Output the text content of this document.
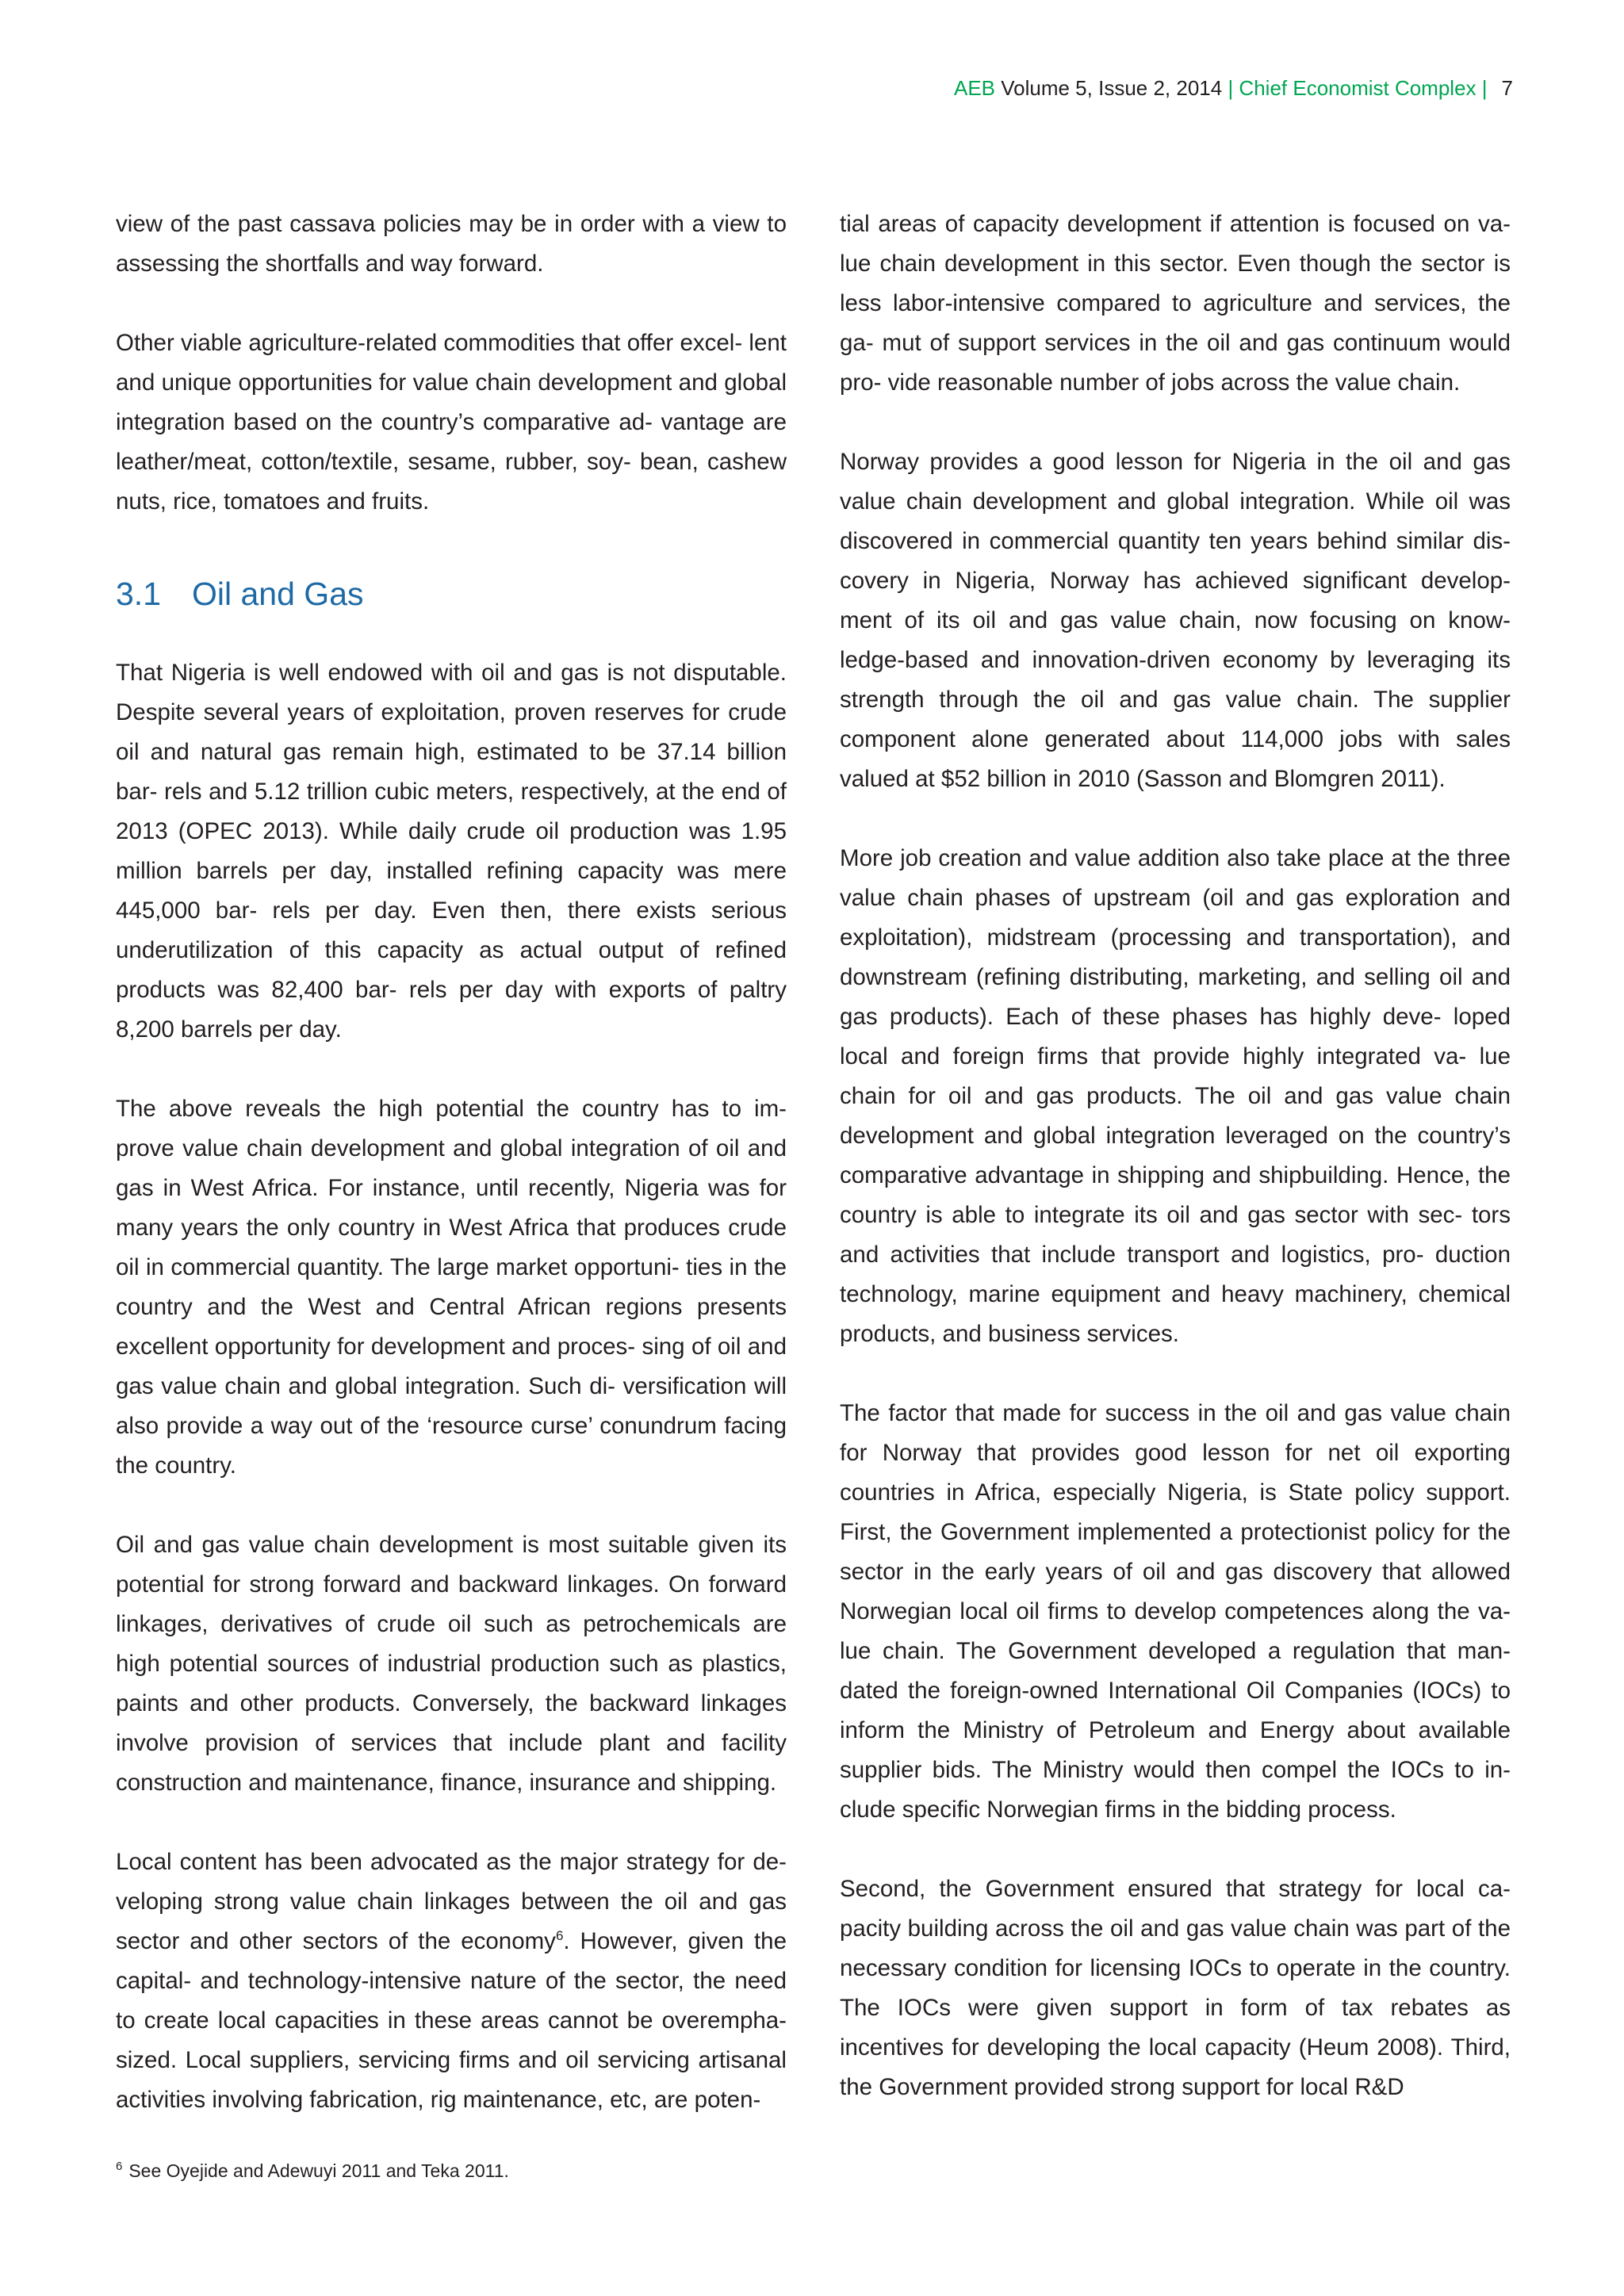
AEB Volume 5, Issue 2, 2014 | Chief Economist Complex | 7

view of the past cassava policies may be in order with a view to assessing the shortfalls and way forward.

Other viable agriculture-related commodities that offer excel- lent and unique opportunities for value chain development and global integration based on the country’s comparative ad- vantage are leather/meat, cotton/textile, sesame, rubber, soy- bean, cashew nuts, rice, tomatoes and fruits.

3.1 Oil and Gas

That Nigeria is well endowed with oil and gas is not disputable. Despite several years of exploitation, proven reserves for crude oil and natural gas remain high, estimated to be 37.14 billion bar- rels and 5.12 trillion cubic meters, respectively, at the end of 2013 (OPEC 2013). While daily crude oil production was 1.95 million barrels per day, installed refining capacity was mere 445,000 bar- rels per day. Even then, there exists serious underutilization of this capacity as actual output of refined products was 82,400 bar- rels per day with exports of paltry 8,200 barrels per day.

The above reveals the high potential the country has to im- prove value chain development and global integration of oil and gas in West Africa. For instance, until recently, Nigeria was for many years the only country in West Africa that produces crude oil in commercial quantity. The large market opportuni- ties in the country and the West and Central African regions presents excellent opportunity for development and proces- sing of oil and gas value chain and global integration. Such di- versification will also provide a way out of the ‘resource curse’ conundrum facing the country.

Oil and gas value chain development is most suitable given its potential for strong forward and backward linkages. On forward linkages, derivatives of crude oil such as petrochemicals are high potential sources of industrial production such as plastics, paints and other products. Conversely, the backward linkages involve provision of services that include plant and facility construction and maintenance, finance, insurance and shipping.

Local content has been advocated as the major strategy for de- veloping strong value chain linkages between the oil and gas sector and other sectors of the economy$^6$. However, given the capital- and technology-intensive nature of the sector, the need to create local capacities in these areas cannot be overempha- sized. Local suppliers, servicing firms and oil servicing artisanal activities involving fabrication, rig maintenance, etc, are poten-

tial areas of capacity development if attention is focused on va- lue chain development in this sector. Even though the sector is less labor-intensive compared to agriculture and services, the ga- mut of support services in the oil and gas continuum would pro- vide reasonable number of jobs across the value chain.

Norway provides a good lesson for Nigeria in the oil and gas value chain development and global integration. While oil was discovered in commercial quantity ten years behind similar dis- covery in Nigeria, Norway has achieved significant develop- ment of its oil and gas value chain, now focusing on know- ledge-based and innovation-driven economy by leveraging its strength through the oil and gas value chain. The supplier component alone generated about 114,000 jobs with sales valued at $52 billion in 2010 (Sasson and Blomgren 2011).

More job creation and value addition also take place at the three value chain phases of upstream (oil and gas exploration and exploitation), midstream (processing and transportation), and downstream (refining distributing, marketing, and selling oil and gas products). Each of these phases has highly deve- loped local and foreign firms that provide highly integrated va- lue chain for oil and gas products. The oil and gas value chain development and global integration leveraged on the country’s comparative advantage in shipping and shipbuilding. Hence, the country is able to integrate its oil and gas sector with sec- tors and activities that include transport and logistics, pro- duction technology, marine equipment and heavy machinery, chemical products, and business services.

The factor that made for success in the oil and gas value chain for Norway that provides good lesson for net oil exporting countries in Africa, especially Nigeria, is State policy support. First, the Government implemented a protectionist policy for the sector in the early years of oil and gas discovery that allowed Norwegian local oil firms to develop competences along the va- lue chain. The Government developed a regulation that man- dated the foreign-owned International Oil Companies (IOCs) to inform the Ministry of Petroleum and Energy about available supplier bids. The Ministry would then compel the IOCs to in- clude specific Norwegian firms in the bidding process.

Second, the Government ensured that strategy for local ca- pacity building across the oil and gas value chain was part of the necessary condition for licensing IOCs to operate in the country. The IOCs were given support in form of tax rebates as incentives for developing the local capacity (Heum 2008). Third, the Government provided strong support for local R&D

$^6$ See Oyejide and Adewuyi 2011 and Teka 2011.
